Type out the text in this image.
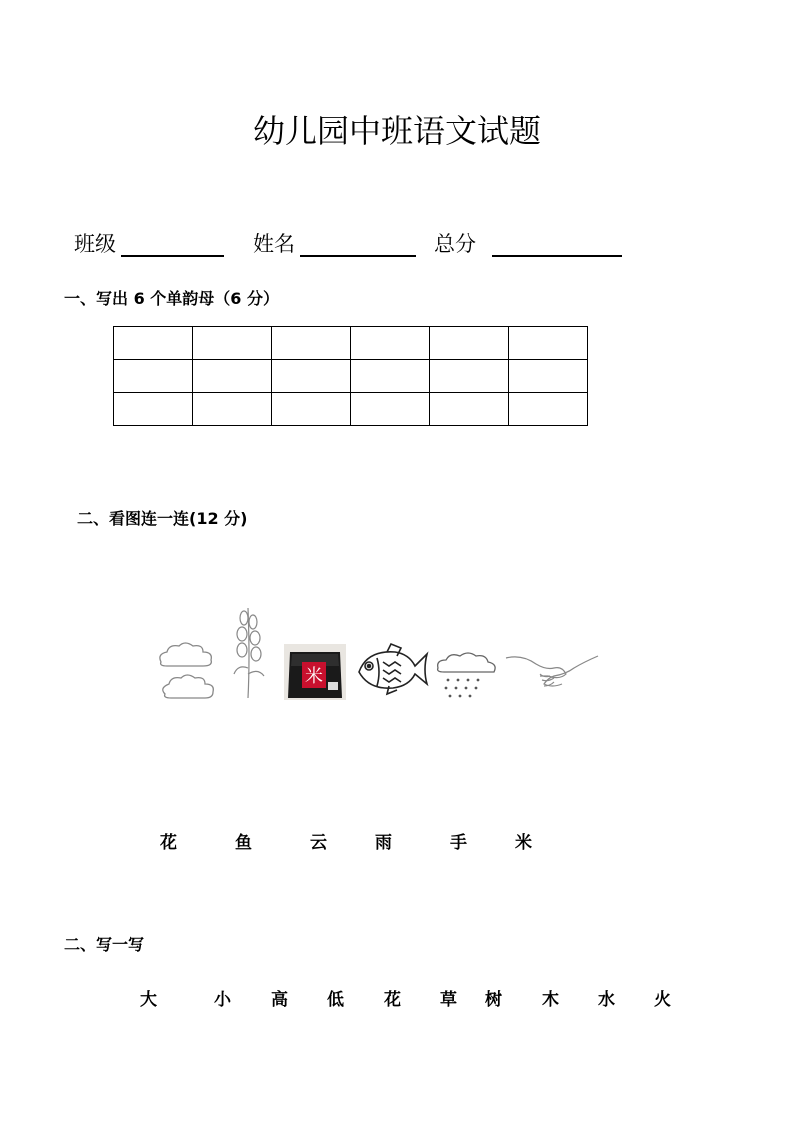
幼儿园中班语文试题
班级	姓名	总分
一、写出 6 个单韵母（6 分）

二、看图连一连(12 分)
米
花	鱼	云	雨	手	米
二、写一写
大	小 高 低 花 草 树 木 水 火
